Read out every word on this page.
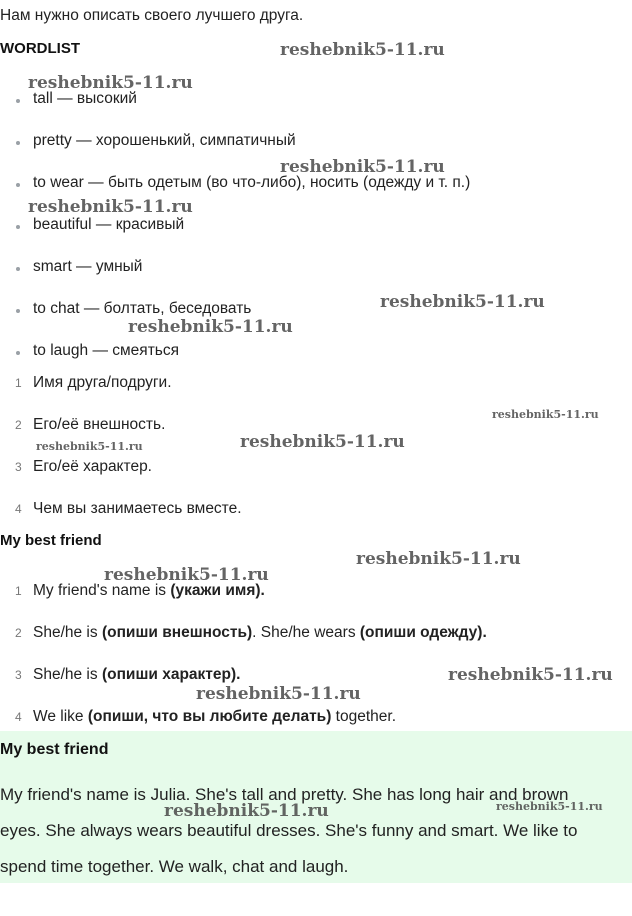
Нам нужно описать своего лучшего друга.
WORDLIST
tall — высокий
pretty — хорошенький, симпатичный
to wear — быть одетым (во что-либо), носить (одежду и т. п.)
beautiful — красивый
smart — умный
to chat — болтать, беседовать
to laugh — смеяться
1 Имя друга/подруги.
2 Его/её внешность.
3 Его/её характер.
4 Чем вы занимаетесь вместе.
My best friend
1 My friend's name is (укажи имя).
2 She/he is (опиши внешность). She/he wears (опиши одежду).
3 She/he is (опиши характер).
4 We like (опиши, что вы любите делать) together.
My best friend
My friend's name is Julia. She's tall and pretty. She has long hair and brown
eyes. She always wears beautiful dresses. She's funny and smart. We like to
spend time together. We walk, chat and laugh.
reshebnik5-11.ru
reshebnik5-11.ru
reshebnik5-11.ru
reshebnik5-11.ru
reshebnik5-11.ru
reshebnik5-11.ru
reshebnik5-11.ru
reshebnik5-11.ru
reshebnik5-11.ru
reshebnik5-11.ru
reshebnik5-11.ru
reshebnik5-11.ru
reshebnik5-11.ru
reshebnik5-11.ru	reshebnik5-11.ru
